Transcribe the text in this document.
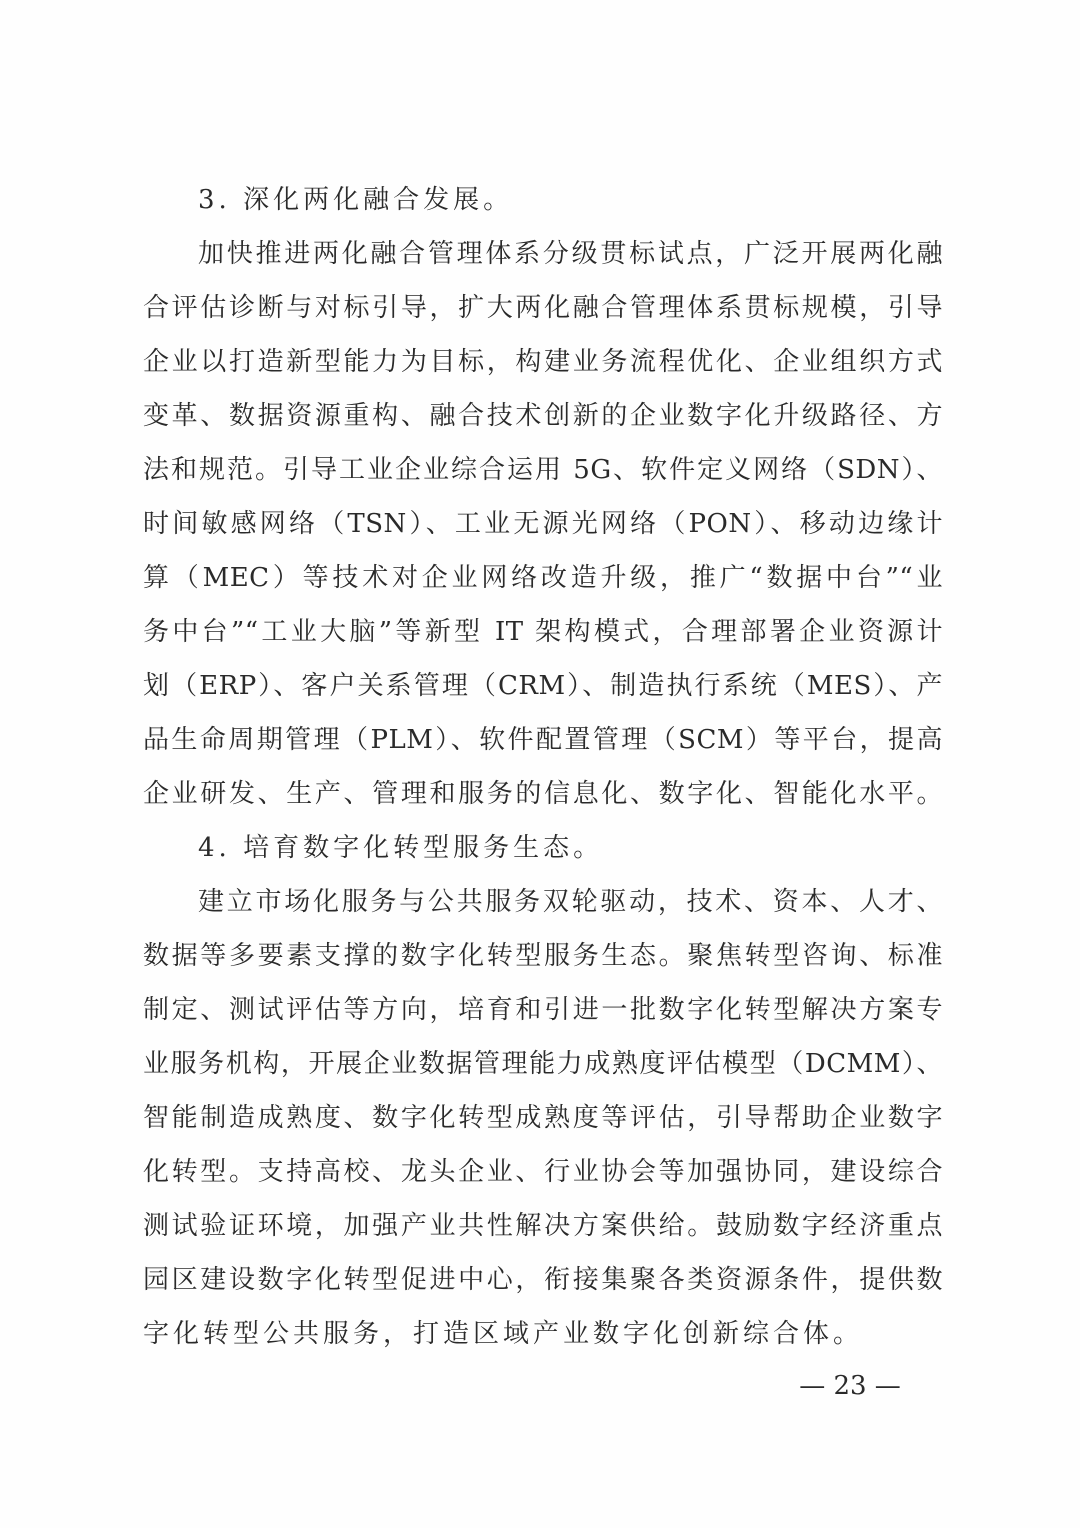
3. 深化两化融合发展。

加快推进两化融合管理体系分级贯标试点，广泛开展两化融

合评估诊断与对标引导，扩大两化融合管理体系贯标规模，引导

企业以打造新型能力为目标，构建业务流程优化、企业组织方式

变革、数据资源重构、融合技术创新的企业数字化升级路径、方

法和规范。引导工业企业综合运用 5G、软件定义网络（SDN）、

时间敏感网络（TSN）、工业无源光网络（PON）、移动边缘计

算（MEC）等技术对企业网络改造升级，推广“数据中台”“业

务中台”“工业大脑”等新型 IT 架构模式，合理部署企业资源计

划（ERP）、客户关系管理（CRM）、制造执行系统（MES）、产

品生命周期管理（PLM）、软件配置管理（SCM）等平台，提高

企业研发、生产、管理和服务的信息化、数字化、智能化水平。

4. 培育数字化转型服务生态。

建立市场化服务与公共服务双轮驱动，技术、资本、人才、

数据等多要素支撑的数字化转型服务生态。聚焦转型咨询、标准

制定、测试评估等方向，培育和引进一批数字化转型解决方案专

业服务机构，开展企业数据管理能力成熟度评估模型（DCMM）、

智能制造成熟度、数字化转型成熟度等评估，引导帮助企业数字

化转型。支持高校、龙头企业、行业协会等加强协同，建设综合

测试验证环境，加强产业共性解决方案供给。鼓励数字经济重点

园区建设数字化转型促进中心，衔接集聚各类资源条件，提供数

字化转型公共服务，打造区域产业数字化创新综合体。

— 23 —
